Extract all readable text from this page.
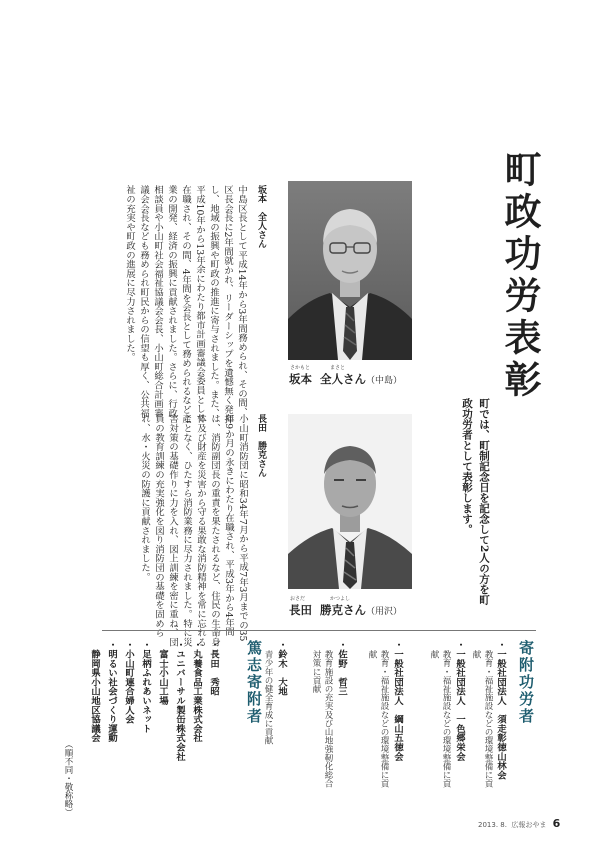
町政功労表彰
町では、町制記念日を記念して2人の方を町政功労者として表彰します。
さかもと	まさと
坂本 全人さん（中島）
おさだ	かつよし
長田 勝克さん（用沢）
坂本　全人さん
中島区長として平成14年から3年間務められ、その間、区長会長に2年間就かれ、リーダーシップを遺憾無く発揮し、地域の振興や町政の推進に寄与されました。また、平成10年から13年余にわたり都市計画審議会委員として在職され、その間、4年間を会長として務められるなど産業の開発、経済の振興に貢献されました。さらに、行政相談員や小山町社会福祉協議会会長、小山町総合計画審議会会長なども務められ町民からの信望も厚く、公共福祉の充実や町政の進展に尽力されました。
長田　勝克さん
小山町消防団に昭和34年7月から平成7年3月までの35年9か月の永きにわたり在職され、平成3年から4年間は、消防副団長の重責を果たされるなど、住民の生命身体及び財産を災害から守る果敢な消防精神を常に忘れることなく、ひたすら消防業務に尽力されました。特に災害対策の基礎作りに力を入れ、図上訓練を密に重ね、団員の教育訓練の充実強化を図り消防団の基礎を固められ、水・火災の防護に貢献されました。
寄附功労者
・一般社団法人　須走彰徳山林会
教育・福祉施設などの環境整備に貢献
・一般社団法人　一色郷栄会
教育・福祉施設などの環境整備に貢献
・一般社団法人　綱山五徳会
教育・福祉施設などの環境整備に貢献
・佐野　哲三
教育施設の充実及び山地強靭化総合対策に貢献
・鈴木　大地
青少年の健全育成に貢献
篤志寄附者
・長田　秀昭
・丸養食品工業株式会社
・ユニバーサル製缶株式会社
　富士小山工場
・足柄ふれあいネット
・小山町連合婦人会
・明るい社会づくり運動
　静岡県小山地区協議会
（順不同・敬称略）
2013. 8. 広報おやま 6
